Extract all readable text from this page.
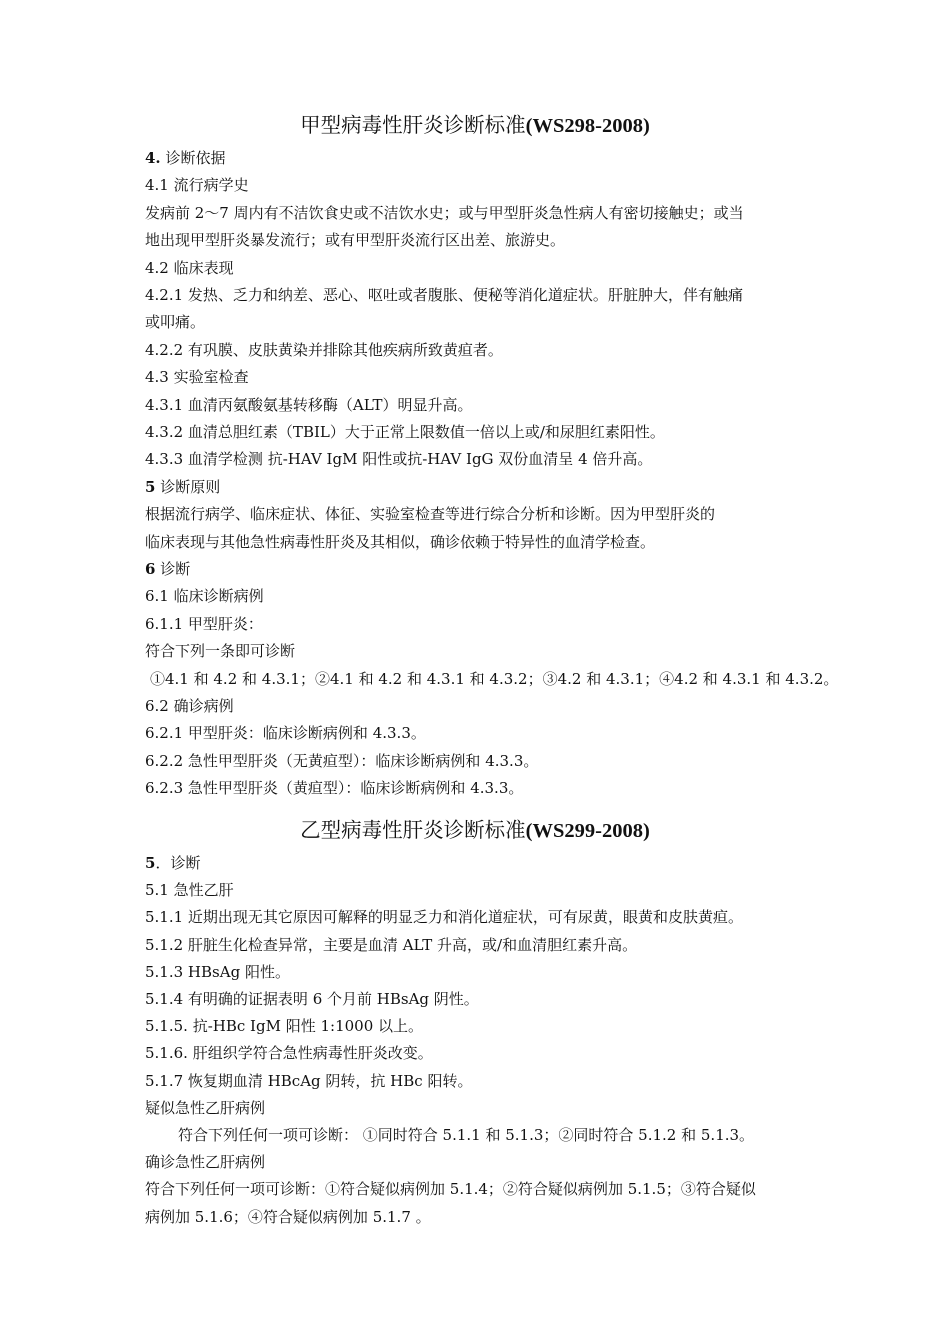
甲型病毒性肝炎诊断标准(WS298-2008)
4. 诊断依据
4.1 流行病学史
发病前 2～7 周内有不洁饮食史或不洁饮水史；或与甲型肝炎急性病人有密切接触史；或当
地出现甲型肝炎暴发流行；或有甲型肝炎流行区出差、旅游史。
4.2 临床表现
4.2.1 发热、乏力和纳差、恶心、呕吐或者腹胀、便秘等消化道症状。肝脏肿大，伴有触痛
或叩痛。
4.2.2 有巩膜、皮肤黄染并排除其他疾病所致黄疸者。
4.3 实验室检查
4.3.1 血清丙氨酸氨基转移酶（ALT）明显升高。
4.3.2 血清总胆红素（TBIL）大于正常上限数值一倍以上或/和尿胆红素阳性。
4.3.3 血清学检测 抗-HAV IgM 阳性或抗-HAV IgG 双份血清呈 4 倍升高。
5 诊断原则
根据流行病学、临床症状、体征、实验室检查等进行综合分析和诊断。因为甲型肝炎的
临床表现与其他急性病毒性肝炎及其相似，确诊依赖于特异性的血清学检查。
6 诊断
6.1 临床诊断病例
6.1.1 甲型肝炎：
符合下列一条即可诊断
①4.1 和 4.2 和 4.3.1；②4.1 和 4.2 和 4.3.1 和 4.3.2；③4.2 和 4.3.1；④4.2 和 4.3.1 和 4.3.2。
6.2 确诊病例
6.2.1 甲型肝炎：临床诊断病例和 4.3.3。
6.2.2 急性甲型肝炎（无黄疸型）：临床诊断病例和 4.3.3。
6.2.3 急性甲型肝炎（黄疸型）：临床诊断病例和 4.3.3。
乙型病毒性肝炎诊断标准(WS299-2008)
5．诊断
5.1 急性乙肝
5.1.1 近期出现无其它原因可解释的明显乏力和消化道症状，可有尿黄，眼黄和皮肤黄疸。
5.1.2 肝脏生化检查异常，主要是血清 ALT 升高，或/和血清胆红素升高。
5.1.3 HBsAg 阳性。
5.1.4 有明确的证据表明 6 个月前 HBsAg 阴性。
5.1.5. 抗-HBc IgM 阳性 1:1000 以上。
5.1.6. 肝组织学符合急性病毒性肝炎改变。
5.1.7 恢复期血清 HBcAg 阴转，抗 HBc 阳转。
疑似急性乙肝病例
符合下列任何一项可诊断： ①同时符合 5.1.1 和 5.1.3；②同时符合 5.1.2 和 5.1.3。
确诊急性乙肝病例
符合下列任何一项可诊断：①符合疑似病例加 5.1.4；②符合疑似病例加 5.1.5；③符合疑似
病例加 5.1.6；④符合疑似病例加 5.1.7 。
